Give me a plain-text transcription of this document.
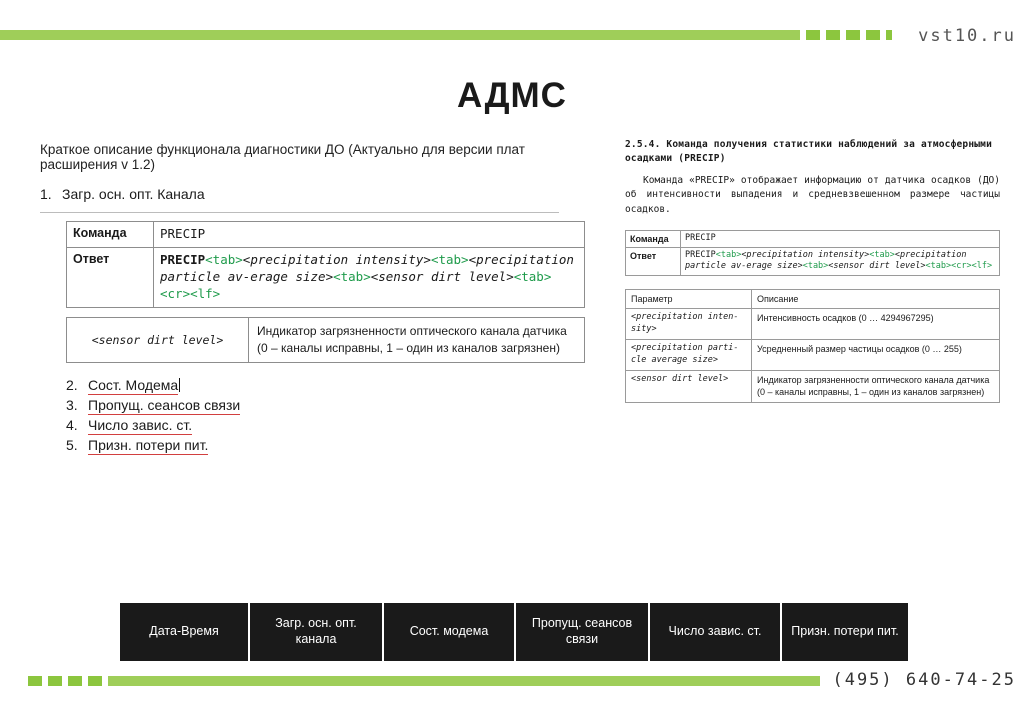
vst10.ru
АДМС
Краткое описание функционала диагностики ДО (Актуально для версии плат расширения v 1.2)
1. Загр. осн. опт. Канала
Команда	PRECIP
Ответ	PRECIP<tab><precipitation intensity><tab><precipitation particle av-erage size><tab><sensor dirt level><tab><cr><lf>
<sensor dirt level>	Индикатор загрязненности оптического канала датчика (0 – каналы исправны, 1 – один из каналов загрязнен)
2. Сост. Модема
3. Пропущ. сеансов связи
4. Число завис. ст.
5. Призн. потери пит.
2.5.4. Команда получения статистики наблюдений за атмосферными осадками (PRECIP)
Команда «PRECIP» отображает информацию от датчика осадков (ДО) об интенсивности выпадения и средневзвешенном размере частицы осадков.
Команда	PRECIP
Ответ	PRECIP<tab><precipitation intensity><tab><precipitation particle av-erage size><tab><sensor dirt level><tab><cr><lf>
Параметр	Описание
<precipitation inten-sity>	Интенсивность осадков (0 … 4294967295)
<precipitation parti-cle average size>	Усредненный размер частицы осадков (0 … 255)
<sensor dirt level>	Индикатор загрязненности оптического канала датчика (0 – каналы исправны, 1 – один из каналов загрязнен)
Дата-Время
Загр. осн. опт. канала
Сост. модема
Пропущ. сеансов связи
Число завис. ст.	Призн. потери пит.
(495) 640-74-25
